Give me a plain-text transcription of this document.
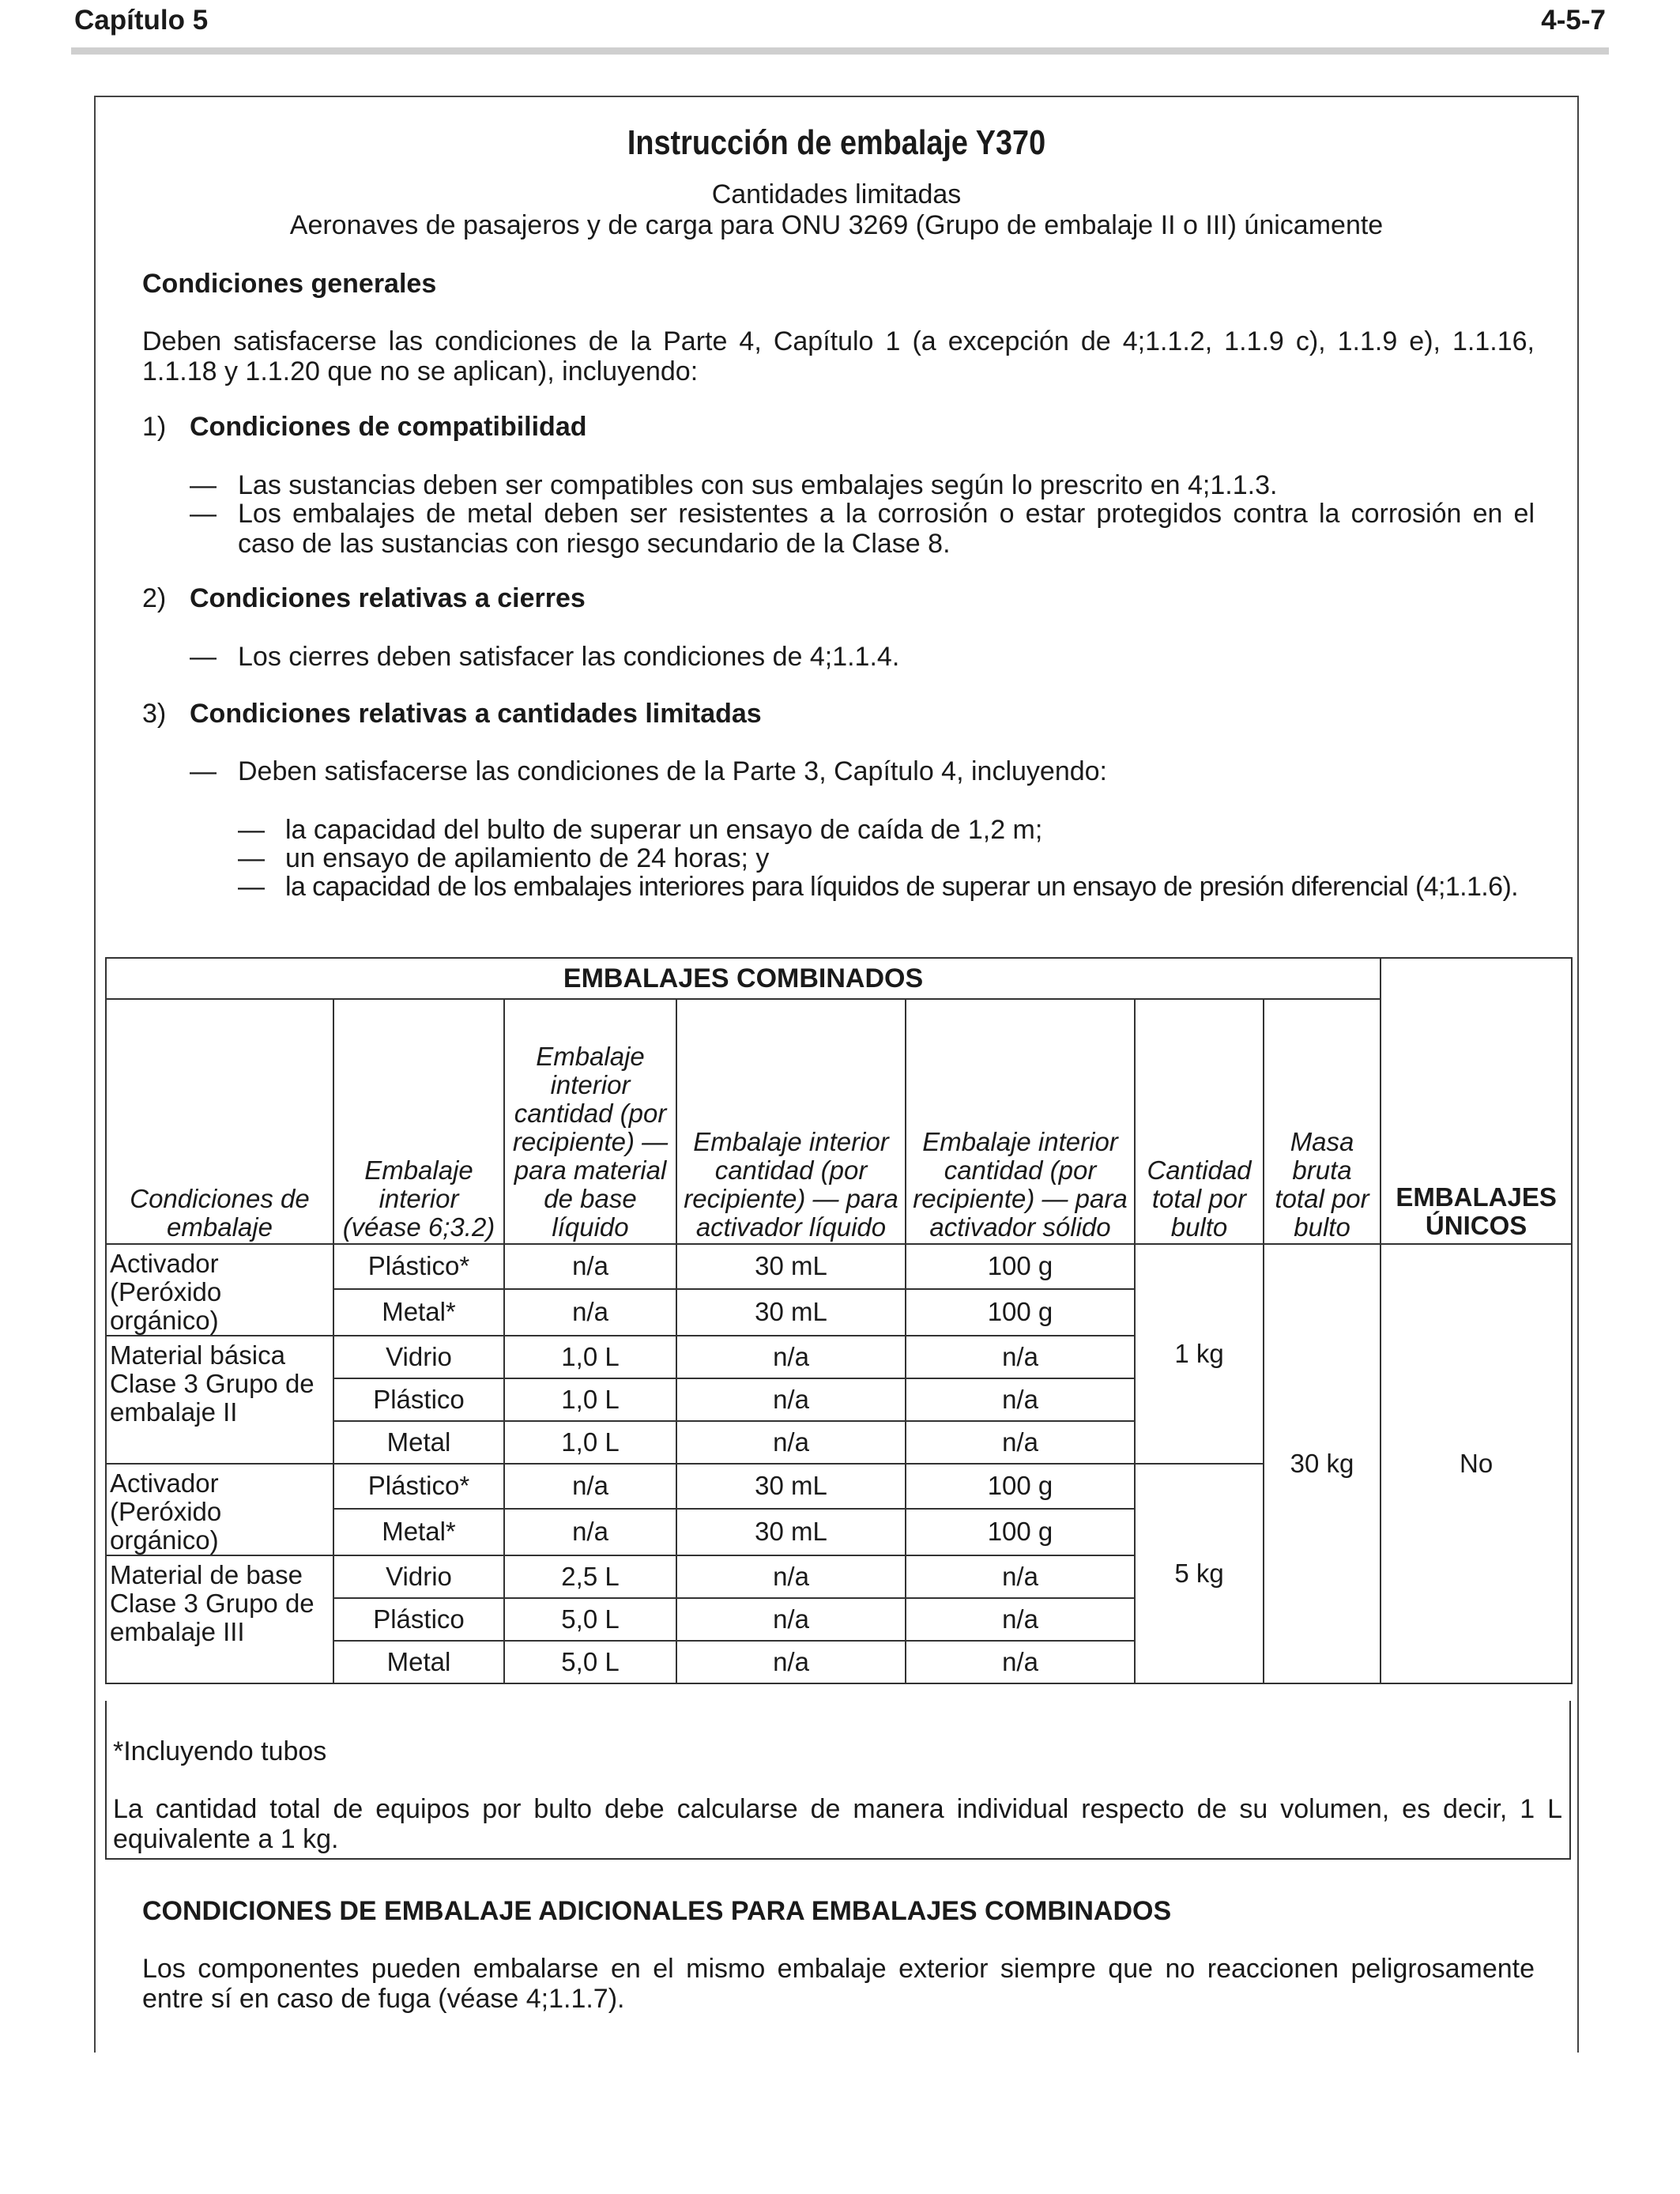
Capítulo 5	4-5-7
Instrucción de embalaje Y370
Cantidades limitadas
Aeronaves de pasajeros y de carga para ONU 3269 (Grupo de embalaje II o III) únicamente
Condiciones generales
Deben satisfacerse las condiciones de la Parte 4, Capítulo 1 (a excepción de 4;1.1.2, 1.1.9 c), 1.1.9 e), 1.1.16, 1.1.18 y 1.1.20 que no se aplican), incluyendo:
1) Condiciones de compatibilidad
— Las sustancias deben ser compatibles con sus embalajes según lo prescrito en 4;1.1.3.
— Los embalajes de metal deben ser resistentes a la corrosión o estar protegidos contra la corrosión en el caso de las sustancias con riesgo secundario de la Clase 8.
2) Condiciones relativas a cierres
— Los cierres deben satisfacer las condiciones de 4;1.1.4.
3) Condiciones relativas a cantidades limitadas
— Deben satisfacerse las condiciones de la Parte 3, Capítulo 4, incluyendo:
— la capacidad del bulto de superar un ensayo de caída de 1,2 m;
— un ensayo de apilamiento de 24 horas; y
— la capacidad de los embalajes interiores para líquidos de superar un ensayo de presión diferencial (4;1.1.6).
EMBALAJES COMBINADOS							EMBALAJES ÚNICOS
Condiciones de embalaje	Embalaje interior (véase 6;3.2)	Embalaje interior cantidad (por recipiente) — para material de base líquido	Embalaje interior cantidad (por recipiente) — para activador líquido	Embalaje interior cantidad (por recipiente) — para activador sólido	Cantidad total por bulto	Masa bruta total por bulto	
Activador (Peróxido orgánico)	Plástico*	n/a	30 mL	100 g	1 kg	30 kg	No
	Metal*	n/a	30 mL	100 g			
Material básica Clase 3 Grupo de embalaje II	Vidrio	1,0 L	n/a	n/a			
	Plástico	1,0 L	n/a	n/a			
	Metal	1,0 L	n/a	n/a			
Activador (Peróxido orgánico)	Plástico*	n/a	30 mL	100 g	5 kg		
	Metal*	n/a	30 mL	100 g			
Material de base Clase 3 Grupo de embalaje III	Vidrio	2,5 L	n/a	n/a			
	Plástico	5,0 L	n/a	n/a			
	Metal	5,0 L	n/a	n/a			
*Incluyendo tubos
La cantidad total de equipos por bulto debe calcularse de manera individual respecto de su volumen, es decir, 1 L equivalente a 1 kg.
CONDICIONES DE EMBALAJE ADICIONALES PARA EMBALAJES COMBINADOS
Los componentes pueden embalarse en el mismo embalaje exterior siempre que no reaccionen peligrosamente entre sí en caso de fuga (véase 4;1.1.7).
